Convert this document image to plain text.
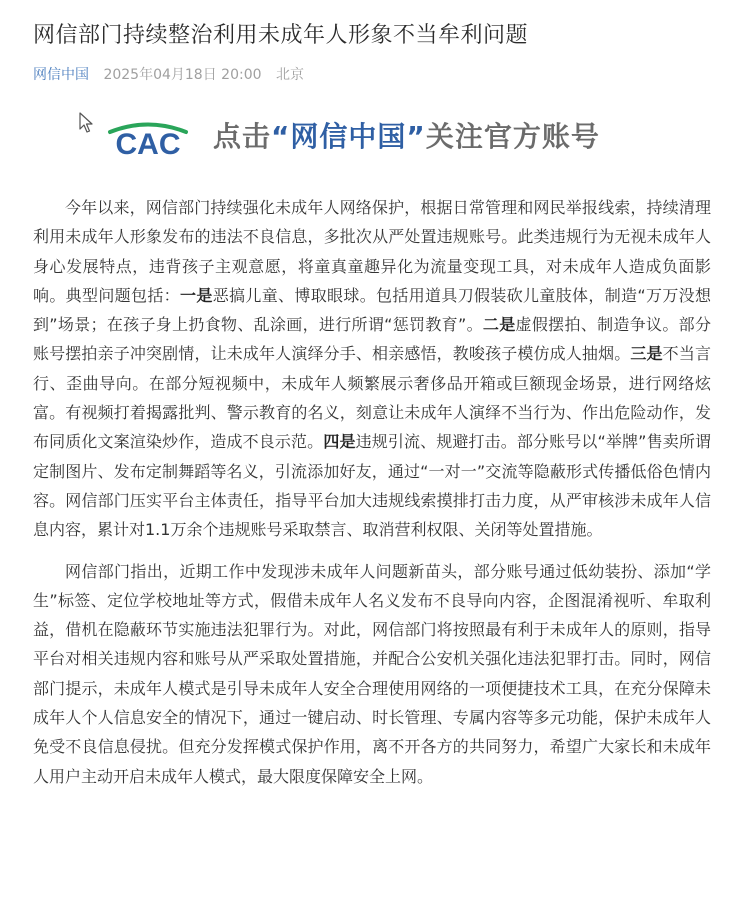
网信部门持续整治利用未成年人形象不当牟利问题
网信中国 2025年04月18日 20:00 北京
CAC 点击“网信中国”关注官方账号

今年以来，网信部门持续强化未成年人网络保护，根据日常管理和网民举报线索，持续清理利用未成年人形象发布的违法不良信息，多批次从严处置违规账号。此类违规行为无视未成年人身心发展特点，违背孩子主观意愿，将童真童趣异化为流量变现工具，对未成年人造成负面影响。典型问题包括：一是恶搞儿童、博取眼球。包括用道具刀假装砍儿童肢体，制造“万万没想到”场景；在孩子身上扔食物、乱涂画，进行所谓“惩罚教育”。二是虚假摆拍、制造争议。部分账号摆拍亲子冲突剧情，让未成年人演绎分手、相亲感悟，教唆孩子模仿成人抽烟。三是不当言行、歪曲导向。在部分短视频中，未成年人频繁展示奢侈品开箱或巨额现金场景，进行网络炫富。有视频打着揭露批判、警示教育的名义，刻意让未成年人演绎不当行为、作出危险动作，发布同质化文案渲染炒作，造成不良示范。四是违规引流、规避打击。部分账号以“举牌”售卖所谓定制图片、发布定制舞蹈等名义，引流添加好友，通过“一对一”交流等隐蔽形式传播低俗色情内容。网信部门压实平台主体责任，指导平台加大违规线索摸排打击力度，从严审核涉未成年人信息内容，累计对1.1万余个违规账号采取禁言、取消营利权限、关闭等处置措施。

网信部门指出，近期工作中发现涉未成年人问题新苗头，部分账号通过低幼装扮、添加“学生”标签、定位学校地址等方式，假借未成年人名义发布不良导向内容，企图混淆视听、牟取利益，借机在隐蔽环节实施违法犯罪行为。对此，网信部门将按照最有利于未成年人的原则，指导平台对相关违规内容和账号从严采取处置措施，并配合公安机关强化违法犯罪打击。同时，网信部门提示，未成年人模式是引导未成年人安全合理使用网络的一项便捷技术工具，在充分保障未成年人个人信息安全的情况下，通过一键启动、时长管理、专属内容等多元功能，保护未成年人免受不良信息侵扰。但充分发挥模式保护作用，离不开各方的共同努力，希望广大家长和未成年人用户主动开启未成年人模式，最大限度保障安全上网。
